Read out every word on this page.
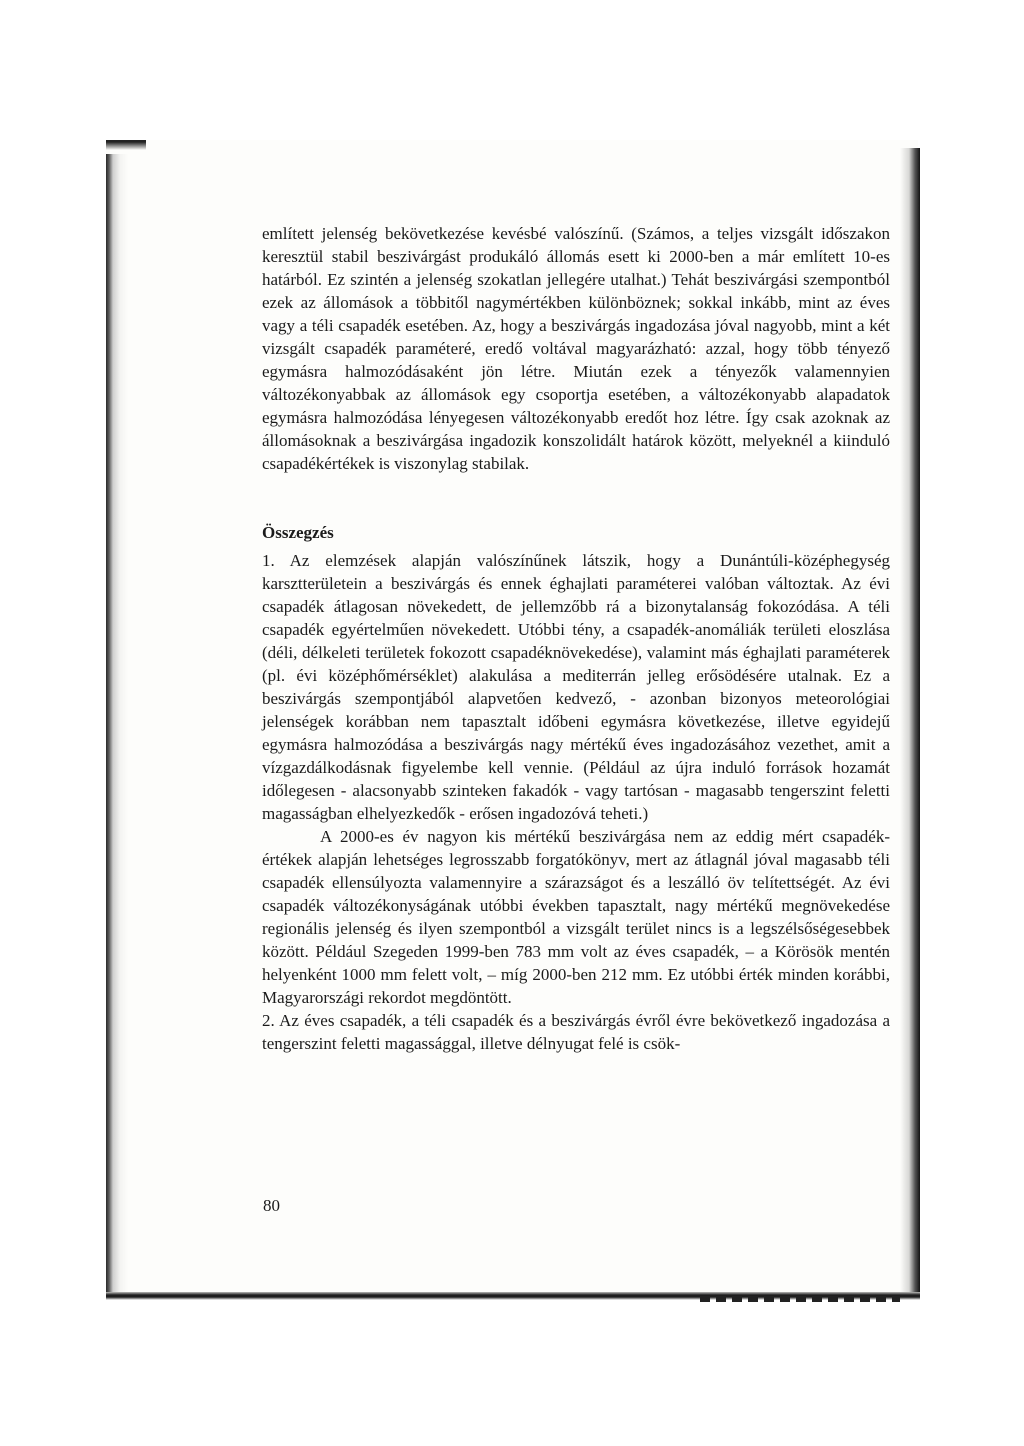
említett jelenség bekövetkezése kevésbé valószínű. (Számos, a teljes vizsgált időszakon keresztül stabil beszivárgást produkáló állomás esett ki 2000-ben a már említett 10-es határból. Ez szintén a jelenség szokatlan jellegére utalhat.) Tehát beszivárgási szempontból ezek az állomások a többitől nagymértékben különböznek; sokkal inkább, mint az éves vagy a téli csapadék esetében. Az, hogy a beszivárgás ingadozása jóval nagyobb, mint a két vizsgált csapadék paraméteré, eredő voltával magyarázható: azzal, hogy több tényező egymásra halmozódásaként jön létre. Miután ezek a tényezők valamennyien változékonyabbak az állomások egy csoportja esetében, a változékonyabb alapadatok egymásra halmozódása lényegesen változékonyabb eredőt hoz létre. Így csak azoknak az állomásoknak a beszivárgása ingadozik konszolidált határok között, melyeknél a kiinduló csapadékértékek is viszonylag stabilak.

Összegzés

1. Az elemzések alapján valószínűnek látszik, hogy a Dunántúli-középhegység karsztterületein a beszivárgás és ennek éghajlati paraméterei valóban változtak. Az évi csapadék átlagosan növekedett, de jellemzőbb rá a bizonytalanság fokozódása. A téli csapadék egyértelműen növekedett. Utóbbi tény, a csapadék-anomáliák területi eloszlása (déli, délkeleti területek fokozott csapadéknövekedése), valamint más éghajlati paraméterek (pl. évi középhőmérséklet) alakulása a mediterrán jelleg erősödésére utalnak. Ez a beszivárgás szempontjából alapvetően kedvező, - azonban bizonyos meteorológiai jelenségek korábban nem tapasztalt időbeni egymásra következése, illetve egyidejű egymásra halmozódása a beszivárgás nagy mértékű éves ingadozásához vezethet, amit a vízgazdálkodásnak figyelembe kell vennie. (Például az újra induló források hozamát időlegesen - alacsonyabb szinteken fakadók - vagy tartósan - magasabb tengerszint feletti magasságban elhelyezkedők - erősen ingadozóvá teheti.)

A 2000-es év nagyon kis mértékű beszivárgása nem az eddig mért csapadék-értékek alapján lehetséges legrosszabb forgatókönyv, mert az átlagnál jóval magasabb téli csapadék ellensúlyozta valamennyire a szárazságot és a leszálló öv telítettségét. Az évi csapadék változékonyságának utóbbi években tapasztalt, nagy mértékű megnövekedése regionális jelenség és ilyen szempontból a vizsgált terület nincs is a legszélsőségesebbek között. Például Szegeden 1999-ben 783 mm volt az éves csapadék, – a Körösök mentén helyenként 1000 mm felett volt, – míg 2000-ben 212 mm. Ez utóbbi érték minden korábbi, Magyarországi rekordot megdöntött.

2. Az éves csapadék, a téli csapadék és a beszivárgás évről évre bekövetkező ingadozása a tengerszint feletti magassággal, illetve délnyugat felé is csök-

80
